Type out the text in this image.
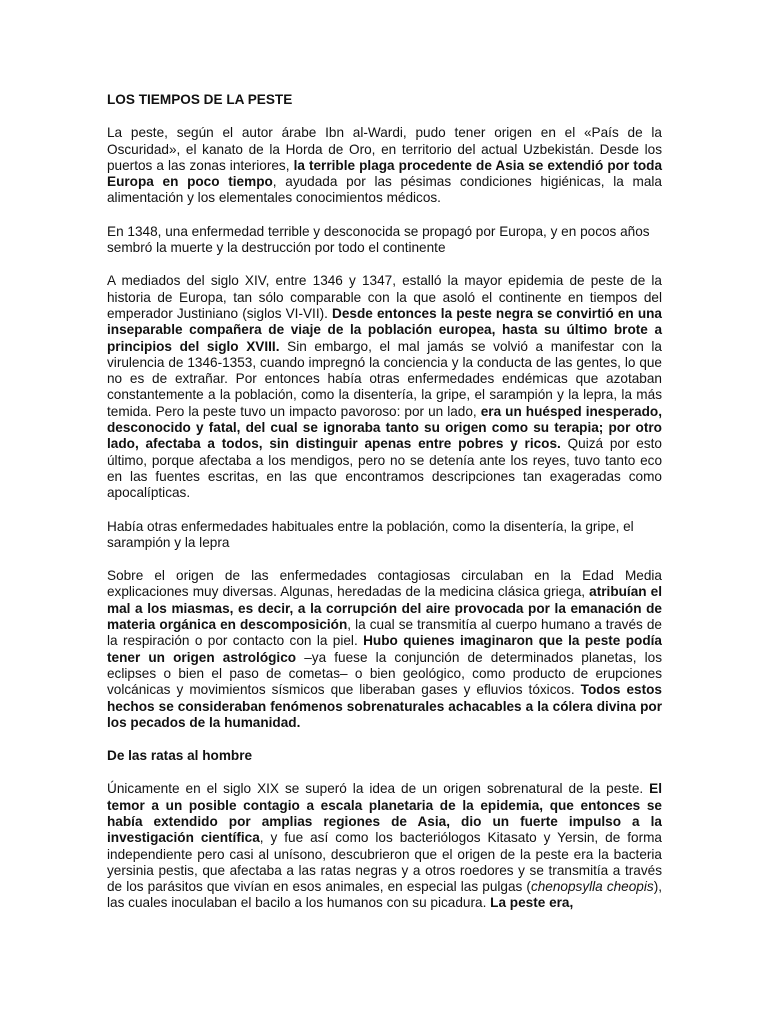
LOS TIEMPOS DE LA PESTE

La peste, según el autor árabe Ibn al-Wardi, pudo tener origen en el «País de la Oscuridad», el kanato de la Horda de Oro, en territorio del actual Uzbekistán. Desde los puertos a las zonas interiores, la terrible plaga procedente de Asia se extendió por toda Europa en poco tiempo, ayudada por las pésimas condiciones higiénicas, la mala alimentación y los elementales conocimientos médicos.

En 1348, una enfermedad terrible y desconocida se propagó por Europa, y en pocos años sembró la muerte y la destrucción por todo el continente

A mediados del siglo XIV, entre 1346 y 1347, estalló la mayor epidemia de peste de la historia de Europa, tan sólo comparable con la que asoló el continente en tiempos del emperador Justiniano (siglos VI-VII). Desde entonces la peste negra se convirtió en una inseparable compañera de viaje de la población europea, hasta su último brote a principios del siglo XVIII. Sin embargo, el mal jamás se volvió a manifestar con la virulencia de 1346-1353, cuando impregnó la conciencia y la conducta de las gentes, lo que no es de extrañar. Por entonces había otras enfermedades endémicas que azotaban constantemente a la población, como la disentería, la gripe, el sarampión y la lepra, la más temida. Pero la peste tuvo un impacto pavoroso: por un lado, era un huésped inesperado, desconocido y fatal, del cual se ignoraba tanto su origen como su terapia; por otro lado, afectaba a todos, sin distinguir apenas entre pobres y ricos. Quizá por esto último, porque afectaba a los mendigos, pero no se detenía ante los reyes, tuvo tanto eco en las fuentes escritas, en las que encontramos descripciones tan exageradas como apocalípticas.

Había otras enfermedades habituales entre la población, como la disentería, la gripe, el sarampión y la lepra

Sobre el origen de las enfermedades contagiosas circulaban en la Edad Media explicaciones muy diversas. Algunas, heredadas de la medicina clásica griega, atribuían el mal a los miasmas, es decir, a la corrupción del aire provocada por la emanación de materia orgánica en descomposición, la cual se transmitía al cuerpo humano a través de la respiración o por contacto con la piel. Hubo quienes imaginaron que la peste podía tener un origen astrológico –ya fuese la conjunción de determinados planetas, los eclipses o bien el paso de cometas– o bien geológico, como producto de erupciones volcánicas y movimientos sísmicos que liberaban gases y efluvios tóxicos. Todos estos hechos se consideraban fenómenos sobrenaturales achacables a la cólera divina por los pecados de la humanidad.

De las ratas al hombre

Únicamente en el siglo XIX se superó la idea de un origen sobrenatural de la peste. El temor a un posible contagio a escala planetaria de la epidemia, que entonces se había extendido por amplias regiones de Asia, dio un fuerte impulso a la investigación científica, y fue así como los bacteriólogos Kitasato y Yersin, de forma independiente pero casi al unísono, descubrieron que el origen de la peste era la bacteria yersinia pestis, que afectaba a las ratas negras y a otros roedores y se transmitía a través de los parásitos que vivían en esos animales, en especial las pulgas (chenopsylla cheopis), las cuales inoculaban el bacilo a los humanos con su picadura. La peste era,
